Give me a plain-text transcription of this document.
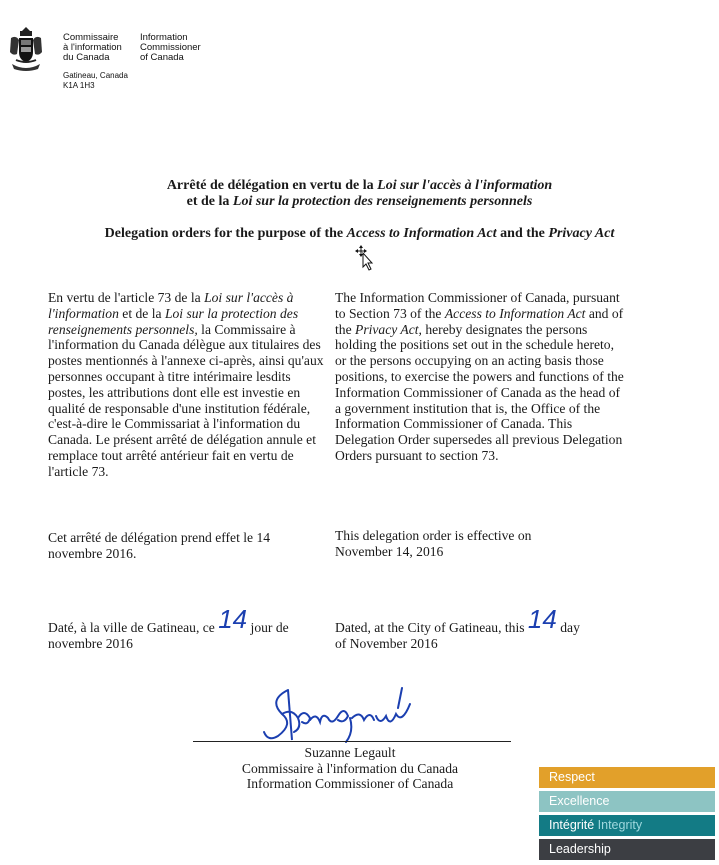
Commissaire
à l'information
du Canada
Information
Commissioner
of Canada
Gatineau, Canada
K1A 1H3
Arrêté de délégation en vertu de la Loi sur l'accès à l'information
et de la Loi sur la protection des renseignements personnels
Delegation orders for the purpose of the Access to Information Act and the Privacy Act
En vertu de l'article 73 de la Loi sur l'accès à l'information et de la Loi sur la protection des renseignements personnels, la Commissaire à l'information du Canada délègue aux titulaires des postes mentionnés à l'annexe ci-après, ainsi qu'aux personnes occupant à titre intérimaire lesdits postes, les attributions dont elle est investie en qualité de responsable d'une institution fédérale, c'est-à-dire le Commissariat à l'information du Canada. Le présent arrêté de délégation annule et remplace tout arrêté antérieur fait en vertu de l'article 73.
Cet arrêté de délégation prend effet le 14 novembre 2016.
Daté, à la ville de Gatineau, ce 14 jour de
novembre 2016
The Information Commissioner of Canada, pursuant to Section 73 of the Access to Information Act and of the Privacy Act, hereby designates the persons holding the positions set out in the schedule hereto, or the persons occupying on an acting basis those positions, to exercise the powers and functions of the Information Commissioner of Canada as the head of a government institution that is, the Office of the Information Commissioner of Canada. This Delegation Order supersedes all previous Delegation Orders pursuant to section 73.
This delegation order is effective on November 14, 2016
Dated, at the City of Gatineau, this 14 day
of November 2016
Suzanne Legault
Commissaire à l'information du Canada
Information Commissioner of Canada	Respect
Excellence
Intégrité Integrity
Leadership
